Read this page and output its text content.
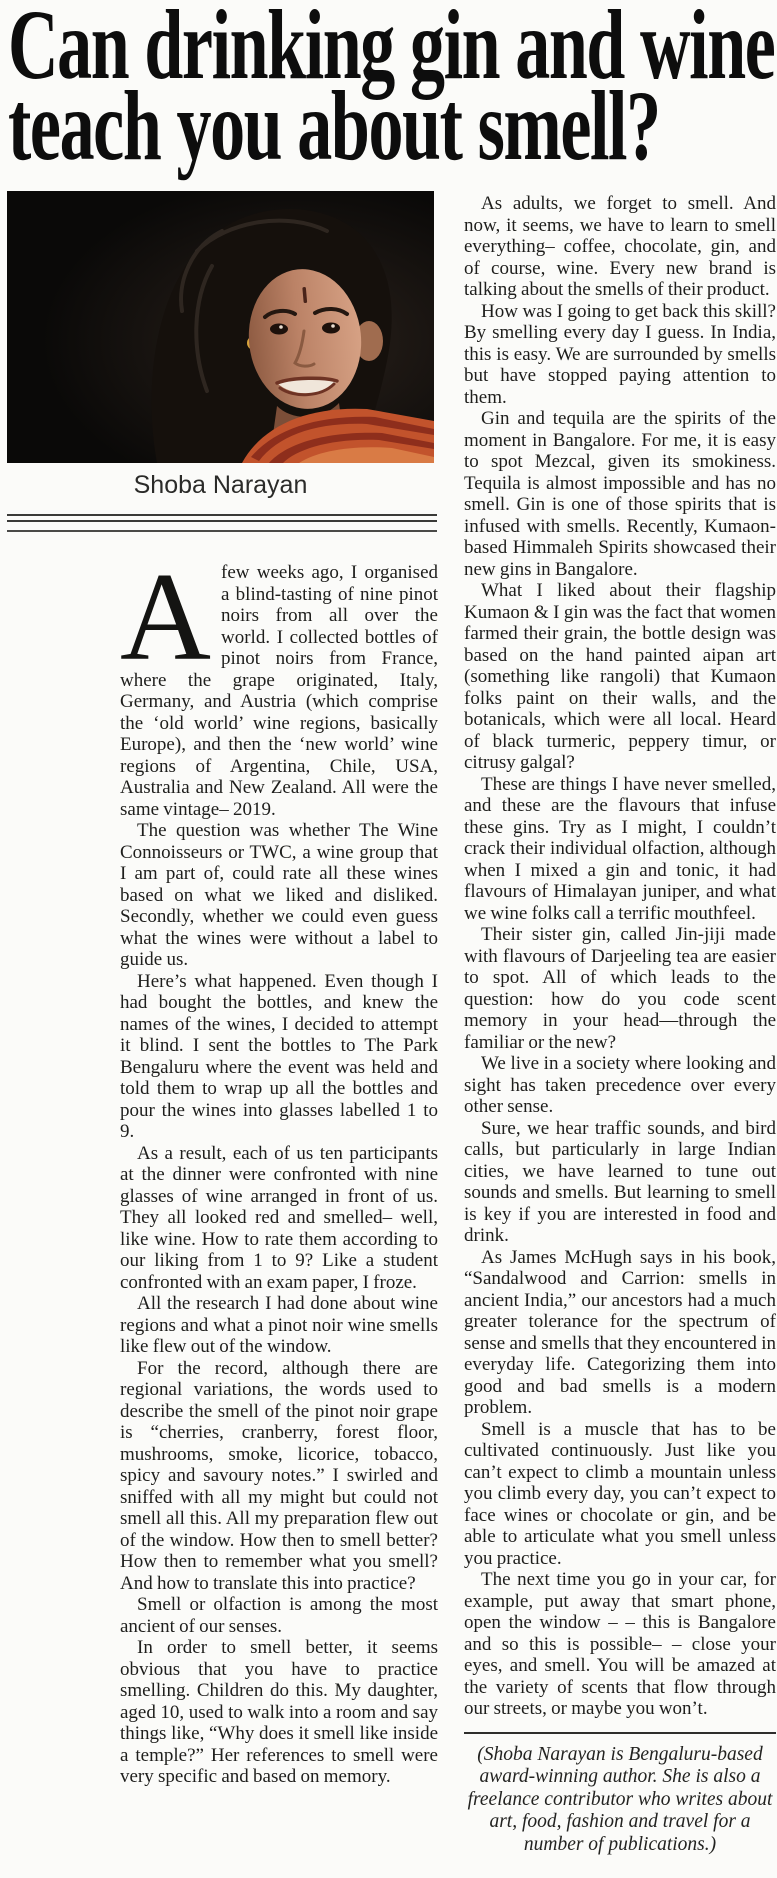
Can drinking gin and wine
teach you about smell?
Shoba Narayan

Afew weeks ago, I organised a blind-tasting of nine pinot noirs from all over the world. I collected bottles of pinot noirs from France, where the grape originated, Italy, Germany, and Austria (which comprise the ‘old world’ wine regions, basically Europe), and then the ‘new world’ wine regions of Argentina, Chile, USA, Australia and New Zealand. All were the same vintage– 2019.

The question was whether The Wine Connoisseurs or TWC, a wine group that I am part of, could rate all these wines based on what we liked and disliked. Secondly, whether we could even guess what the wines were without a label to guide us.

Here’s what happened. Even though I had bought the bottles, and knew the names of the wines, I decided to attempt it blind. I sent the bottles to The Park Bengaluru where the event was held and told them to wrap up all the bottles and pour the wines into glasses labelled 1 to 9.

As a result, each of us ten participants at the dinner were confronted with nine glasses of wine arranged in front of us. They all looked red and smelled– well, like wine. How to rate them according to our liking from 1 to 9? Like a student confronted with an exam paper, I froze.

All the research I had done about wine regions and what a pinot noir wine smells like flew out of the window.

For the record, although there are regional variations, the words used to describe the smell of the pinot noir grape is “cherries, cranberry, forest floor, mushrooms, smoke, licorice, tobacco, spicy and savoury notes.” I swirled and sniffed with all my might but could not smell all this. All my preparation flew out of the window. How then to smell better? How then to remember what you smell? And how to translate this into practice?

Smell or olfaction is among the most ancient of our senses.

In order to smell better, it seems obvious that you have to practice smelling. Children do this. My daughter, aged 10, used to walk into a room and say things like, “Why does it smell like inside a temple?” Her references to smell were very specific and based on memory.

As adults, we forget to smell. And now, it seems, we have to learn to smell everything– coffee, chocolate, gin, and of course, wine. Every new brand is talking about the smells of their product.

How was I going to get back this skill? By smelling every day I guess. In India, this is easy. We are surrounded by smells but have stopped paying attention to them.

Gin and tequila are the spirits of the moment in Bangalore. For me, it is easy to spot Mezcal, given its smokiness. Tequila is almost impossible and has no smell. Gin is one of those spirits that is infused with smells. Recently, Kumaon-based Himmaleh Spirits showcased their new gins in Bangalore.

What I liked about their flagship Kumaon & I gin was the fact that women farmed their grain, the bottle design was based on the hand painted aipan art (something like rangoli) that Kumaon folks paint on their walls, and the botanicals, which were all local. Heard of black turmeric, peppery timur, or citrusy galgal?

These are things I have never smelled, and these are the flavours that infuse these gins. Try as I might, I couldn’t crack their individual olfaction, although when I mixed a gin and tonic, it had flavours of Himalayan juniper, and what we wine folks call a terrific mouthfeel.

Their sister gin, called Jin-jiji made with flavours of Darjeeling tea are easier to spot. All of which leads to the question: how do you code scent memory in your head—through the familiar or the new?

We live in a society where looking and sight has taken precedence over every other sense.

Sure, we hear traffic sounds, and bird calls, but particularly in large Indian cities, we have learned to tune out sounds and smells. But learning to smell is key if you are interested in food and drink.

As James McHugh says in his book, “Sandalwood and Carrion: smells in ancient India,” our ancestors had a much greater tolerance for the spectrum of sense and smells that they encountered in everyday life. Categorizing them into good and bad smells is a modern problem.

Smell is a muscle that has to be cultivated continuously. Just like you can’t expect to climb a mountain unless you climb every day, you can’t expect to face wines or chocolate or gin, and be able to articulate what you smell unless you practice.

The next time you go in your car, for example, put away that smart phone, open the window – – this is Bangalore and so this is possible– – close your eyes, and smell. You will be amazed at the variety of scents that flow through our streets, or maybe you won’t.

(Shoba Narayan is Bengaluru-based award-winning author. She is also a freelance contributor who writes about art, food, fashion and travel for a number of publications.)
